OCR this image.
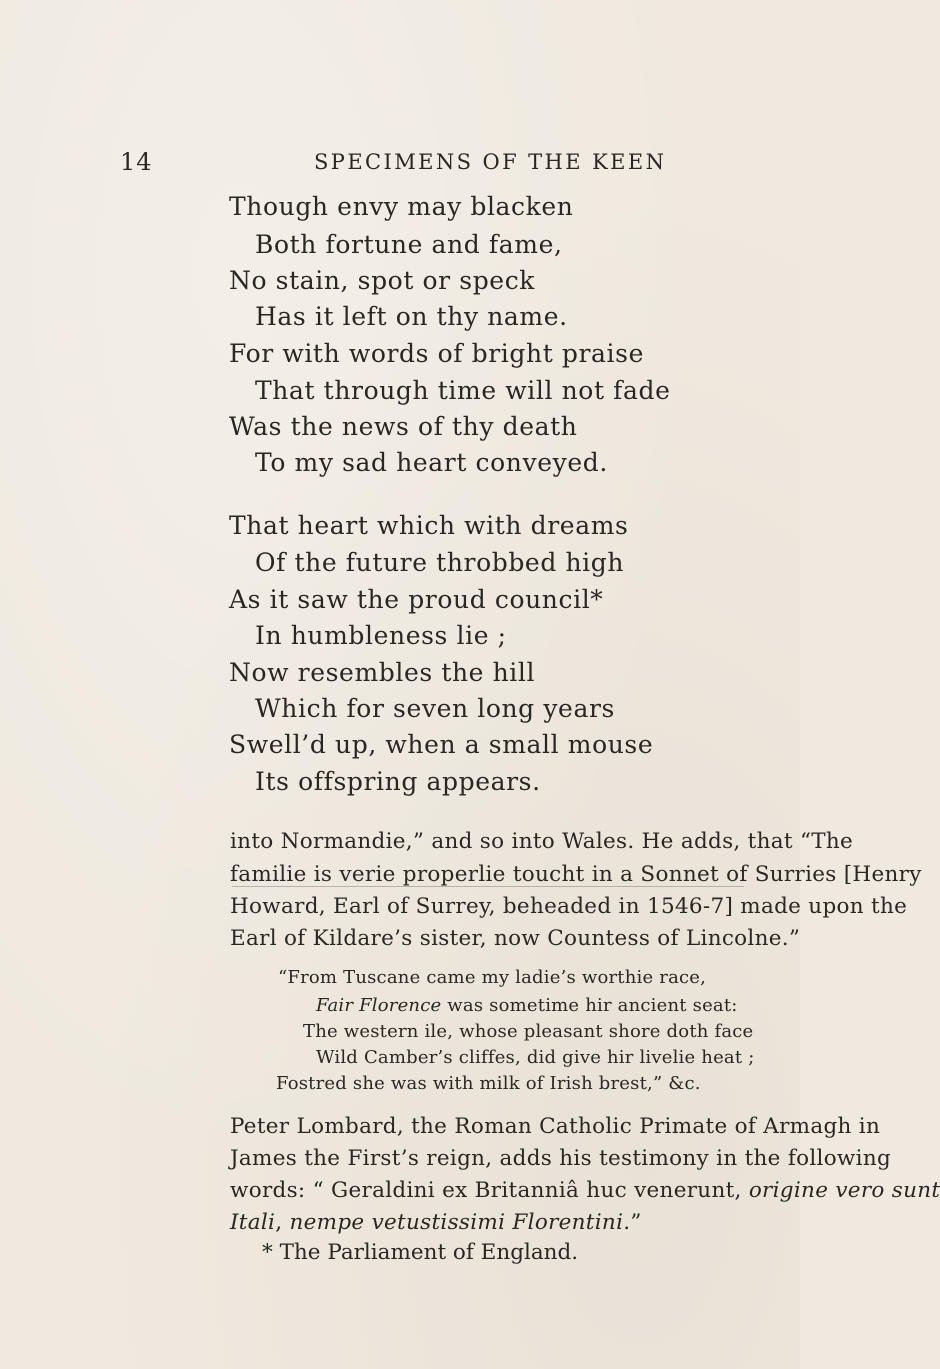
14	SPECIMENS OF THE KEEN
Though envy may blacken
Both fortune and fame,
No stain, spot or speck
Has it left on thy name.
For with words of bright praise
That through time will not fade
Was the news of thy death
To my sad heart conveyed.
That heart which with dreams
Of the future throbbed high
As it saw the proud council*
In humbleness lie ;
Now resembles the hill
Which for seven long years
Swell’d up, when a small mouse
Its offspring appears.
into Normandie,” and so into Wales. He adds, that “The
familie is verie properlie toucht in a Sonnet of Surries [Henry
Howard, Earl of Surrey, beheaded in 1546-7] made upon the
Earl of Kildare’s sister, now Countess of Lincolne.”
“From Tuscane came my ladie’s worthie race,
Fair Florence was sometime hir ancient seat:
The western ile, whose pleasant shore doth face
Wild Camber’s cliffes, did give hir livelie heat ;
Fostred she was with milk of Irish brest,” &c.
Peter Lombard, the Roman Catholic Primate of Armagh in
James the First’s reign, adds his testimony in the following
words: “ Geraldini ex Britanniâ huc venerunt, origine vero sunt
Itali, nempe vetustissimi Florentini.”
* The Parliament of England.
